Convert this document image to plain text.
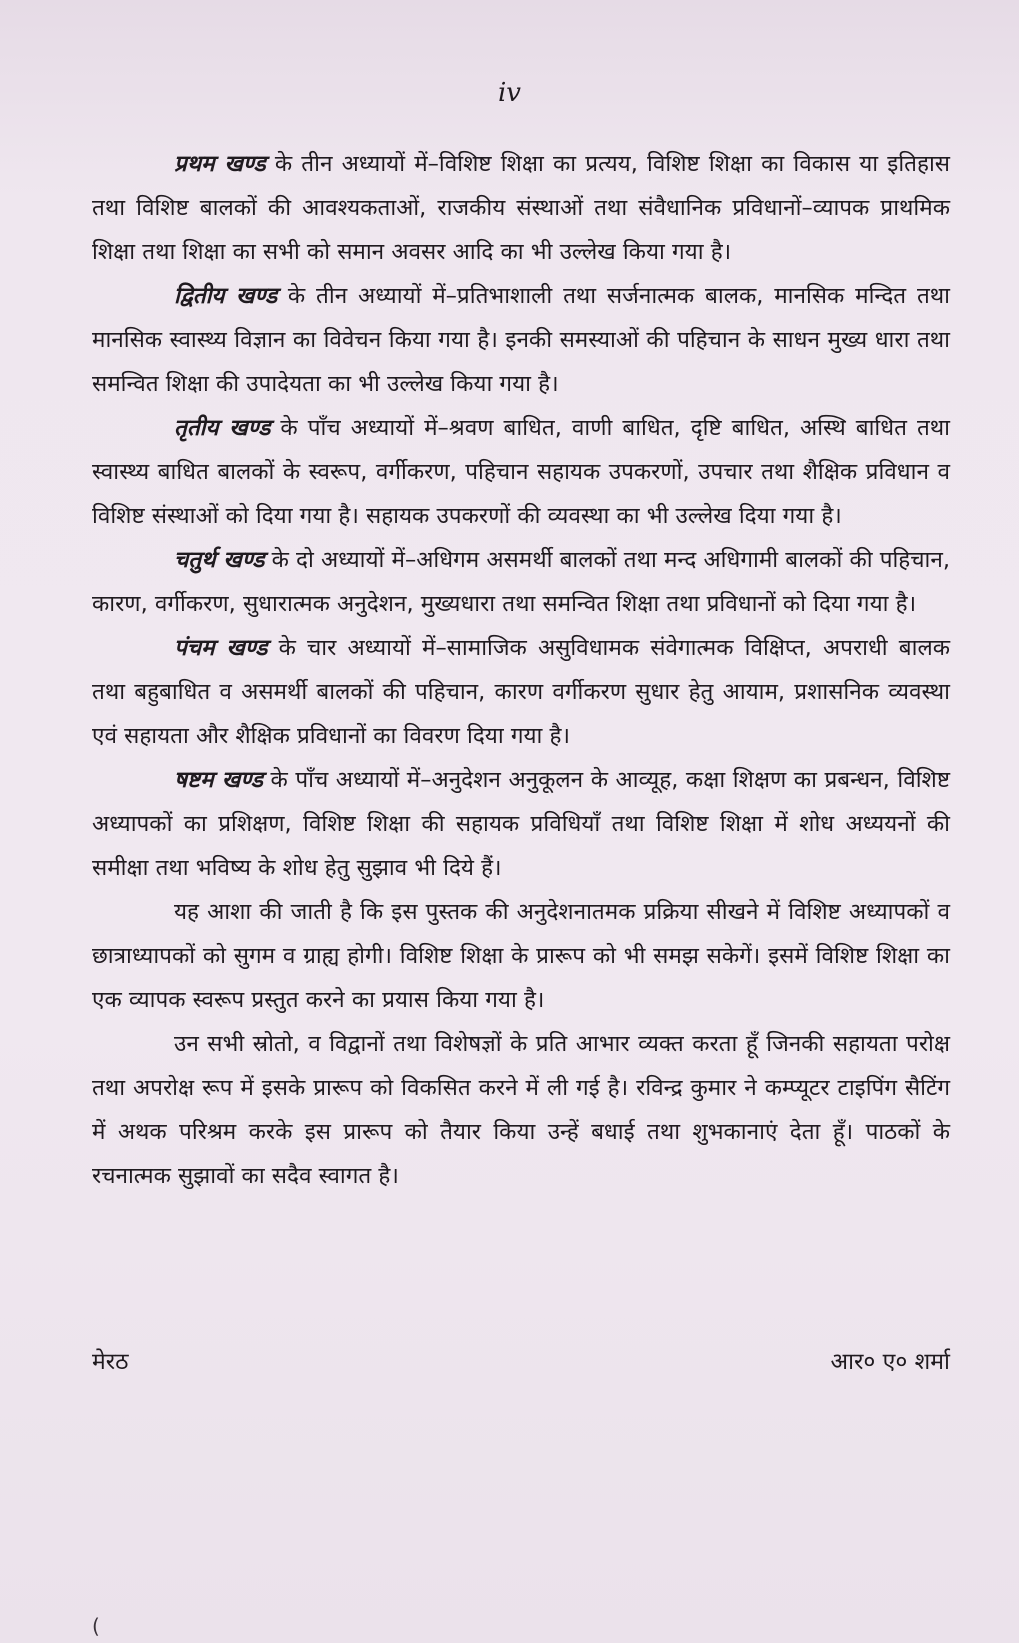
iv

प्रथम खण्ड के तीन अध्यायों में–विशिष्ट शिक्षा का प्रत्यय, विशिष्ट शिक्षा का विकास या इतिहास तथा विशिष्ट बालकों की आवश्यकताओं, राजकीय संस्थाओं तथा संवैधानिक प्रविधानों–व्यापक प्राथमिक शिक्षा तथा शिक्षा का सभी को समान अवसर आदि का भी उल्लेख किया गया है।

द्वितीय खण्ड के तीन अध्यायों में–प्रतिभाशाली तथा सर्जनात्मक बालक, मानसिक मन्दित तथा मानसिक स्वास्थ्य विज्ञान का विवेचन किया गया है। इनकी समस्याओं की पहिचान के साधन मुख्य धारा तथा समन्वित शिक्षा की उपादेयता का भी उल्लेख किया गया है।

तृतीय खण्ड के पाँच अध्यायों में–श्रवण बाधित, वाणी बाधित, दृष्टि बाधित, अस्थि बाधित तथा स्वास्थ्य बाधित बालकों के स्वरूप, वर्गीकरण, पहिचान सहायक उपकरणों, उपचार तथा शैक्षिक प्रविधान व विशिष्ट संस्थाओं को दिया गया है। सहायक उपकरणों की व्यवस्था का भी उल्लेख दिया गया है।

चतुर्थ खण्ड के दो अध्यायों में–अधिगम असमर्थी बालकों तथा मन्द अधिगामी बालकों की पहिचान, कारण, वर्गीकरण, सुधारात्मक अनुदेशन, मुख्यधारा तथा समन्वित शिक्षा तथा प्रविधानों को दिया गया है।

पंचम खण्ड के चार अध्यायों में–सामाजिक असुविधामक संवेगात्मक विक्षिप्त, अपराधी बालक तथा बहुबाधित व असमर्थी बालकों की पहिचान, कारण वर्गीकरण सुधार हेतु आयाम, प्रशासनिक व्यवस्था एवं सहायता और शैक्षिक प्रविधानों का विवरण दिया गया है।

षष्टम खण्ड के पाँच अध्यायों में–अनुदेशन अनुकूलन के आव्यूह, कक्षा शिक्षण का प्रबन्धन, विशिष्ट अध्यापकों का प्रशिक्षण, विशिष्ट शिक्षा की सहायक प्रविधियाँ तथा विशिष्ट शिक्षा में शोध अध्ययनों की समीक्षा तथा भविष्य के शोध हेतु सुझाव भी दिये हैं।

यह आशा की जाती है कि इस पुस्तक की अनुदेशनातमक प्रक्रिया सीखने में विशिष्ट अध्यापकों व छात्राध्यापकों को सुगम व ग्राह्य होगी। विशिष्ट शिक्षा के प्रारूप को भी समझ सकेगें। इसमें विशिष्ट शिक्षा का एक व्यापक स्वरूप प्रस्तुत करने का प्रयास किया गया है।

उन सभी स्रोतो, व विद्वानों तथा विशेषज्ञों के प्रति आभार व्यक्त करता हूँ जिनकी सहायता परोक्ष तथा अपरोक्ष रूप में इसके प्रारूप को विकसित करने में ली गई है। रविन्द्र कुमार ने कम्प्यूटर टाइपिंग सैटिंग में अथक परिश्रम करके इस प्रारूप को तैयार किया उन्हें बधाई तथा शुभकानाएं देता हूँ। पाठकों के रचनात्मक सुझावों का सदैव स्वागत है।

मेरठ	आर० ए० शर्मा
(
